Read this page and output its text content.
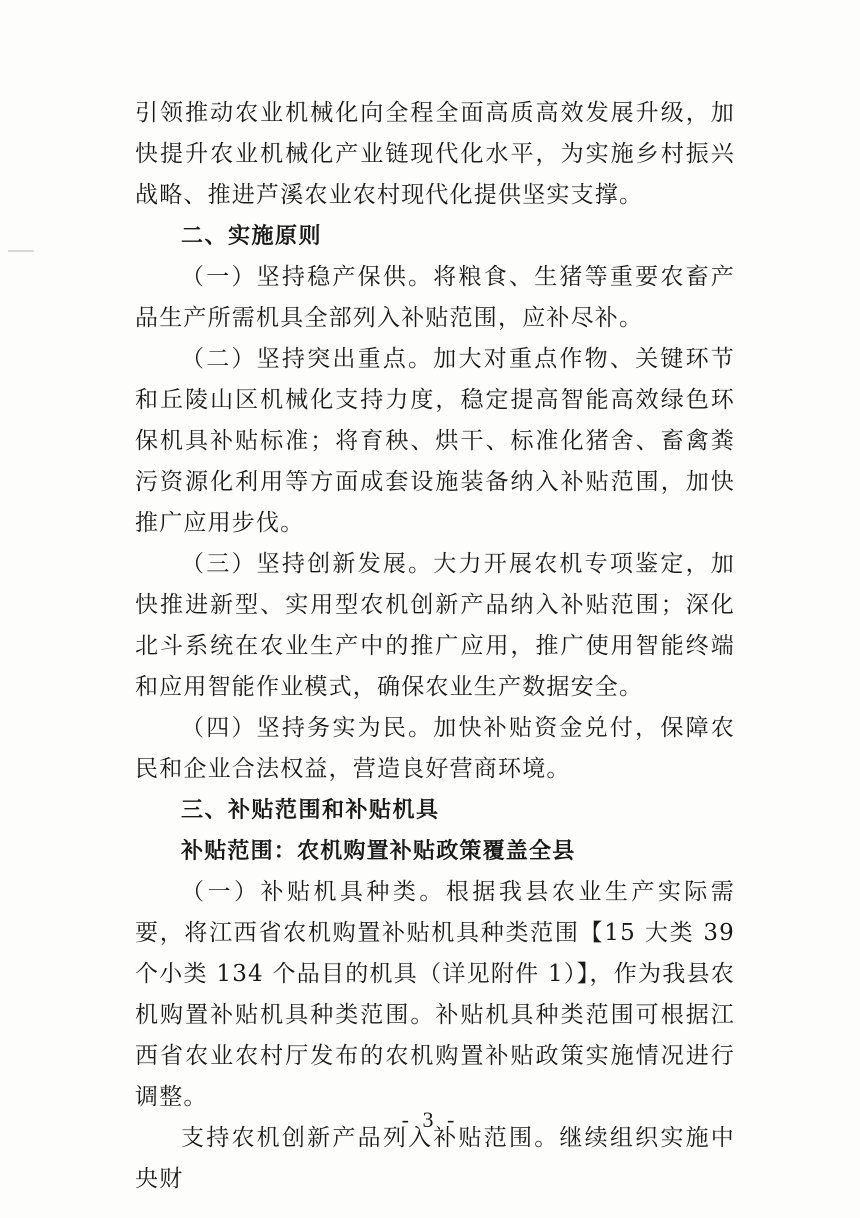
引领推动农业机械化向全程全面高质高效发展升级，加快提升农业机械化产业链现代化水平，为实施乡村振兴战略、推进芦溪农业农村现代化提供坚实支撑。

二、实施原则

（一）坚持稳产保供。将粮食、生猪等重要农畜产品生产所需机具全部列入补贴范围，应补尽补。

（二）坚持突出重点。加大对重点作物、关键环节和丘陵山区机械化支持力度，稳定提高智能高效绿色环保机具补贴标准；将育秧、烘干、标准化猪舍、畜禽粪污资源化利用等方面成套设施装备纳入补贴范围，加快推广应用步伐。

（三）坚持创新发展。大力开展农机专项鉴定，加快推进新型、实用型农机创新产品纳入补贴范围；深化北斗系统在农业生产中的推广应用，推广使用智能终端和应用智能作业模式，确保农业生产数据安全。

（四）坚持务实为民。加快补贴资金兑付，保障农民和企业合法权益，营造良好营商环境。

三、补贴范围和补贴机具

补贴范围：农机购置补贴政策覆盖全县

（一）补贴机具种类。根据我县农业生产实际需要，将江西省农机购置补贴机具种类范围【15 大类 39 个小类 134 个品目的机具（详见附件 1）】，作为我县农机购置补贴机具种类范围。补贴机具种类范围可根据江西省农业农村厅发布的农机购置补贴政策实施情况进行调整。

支持农机创新产品列入补贴范围。继续组织实施中央财

- 3 -
